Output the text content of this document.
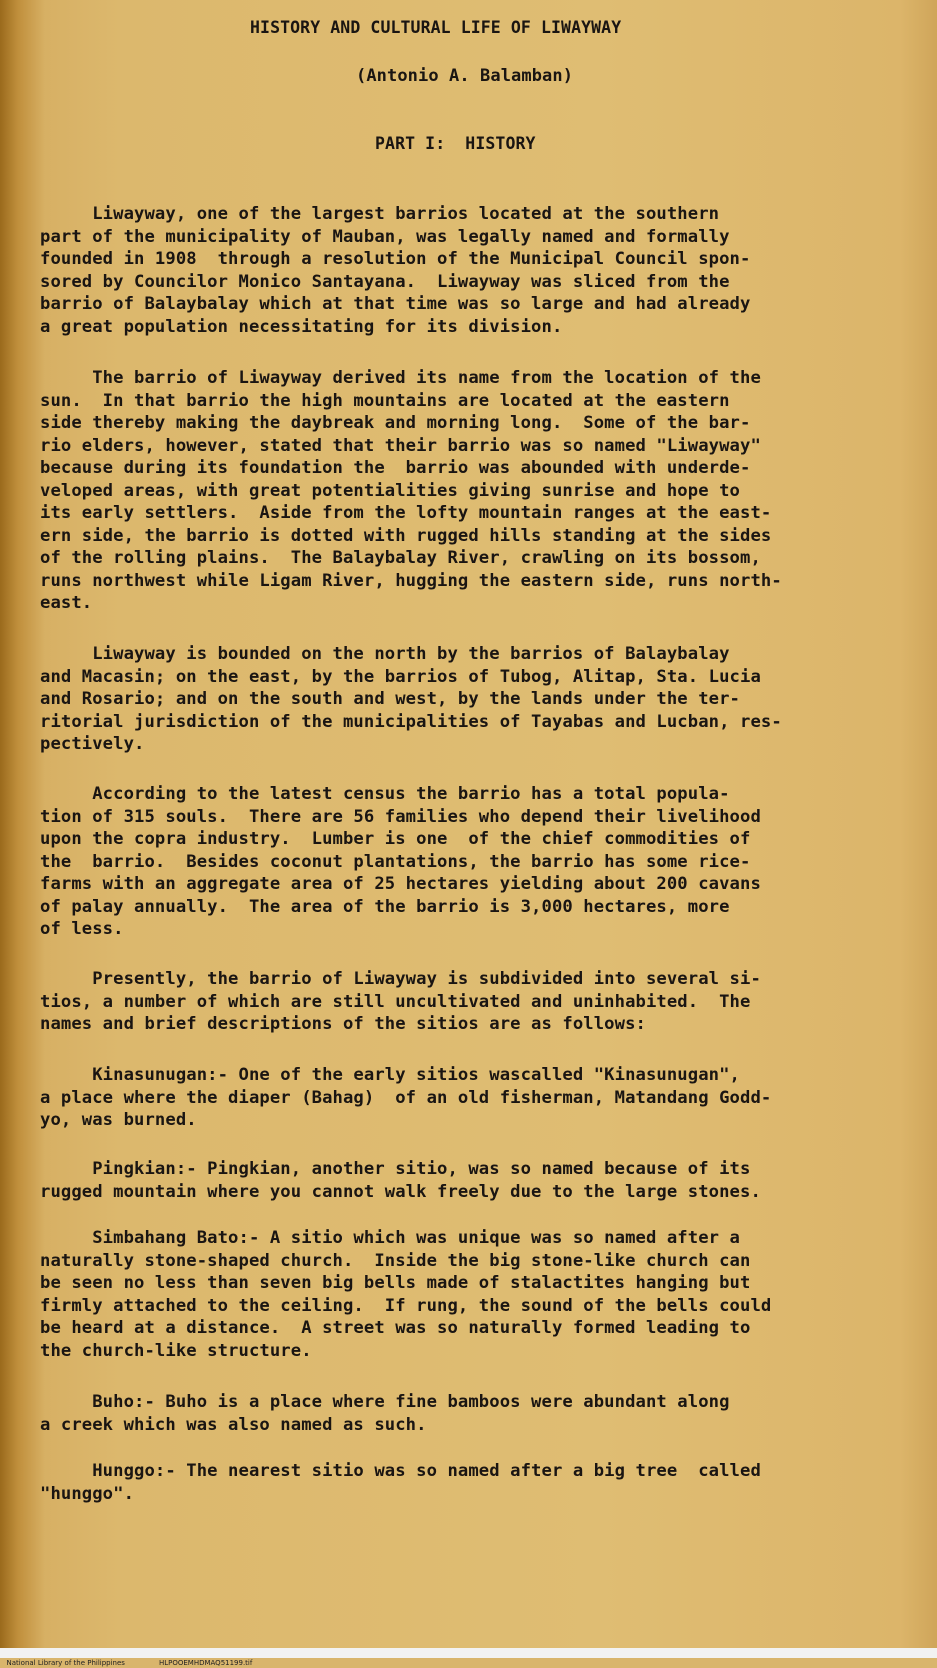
HISTORY AND CULTURAL LIFE OF LIWAYWAY
(Antonio A. Balamban)
PART I:  HISTORY

Liwayway, one of the largest barrios located at the southern
part of the municipality of Mauban, was legally named and formally
founded in 1908  through a resolution of the Municipal Council spon-
sored by Councilor Monico Santayana.  Liwayway was sliced from the
barrio of Balaybalay which at that time was so large and had already
a great population necessitating for its division.

The barrio of Liwayway derived its name from the location of the
sun.  In that barrio the high mountains are located at the eastern
side thereby making the daybreak and morning long.  Some of the bar-
rio elders, however, stated that their barrio was so named "Liwayway"
because during its foundation the  barrio was abounded with underde-
veloped areas, with great potentialities giving sunrise and hope to
its early settlers.  Aside from the lofty mountain ranges at the east-
ern side, the barrio is dotted with rugged hills standing at the sides
of the rolling plains.  The Balaybalay River, crawling on its bossom,
runs northwest while Ligam River, hugging the eastern side, runs north-
east.

Liwayway is bounded on the north by the barrios of Balaybalay
and Macasin; on the east, by the barrios of Tubog, Alitap, Sta. Lucia
and Rosario; and on the south and west, by the lands under the ter-
ritorial jurisdiction of the municipalities of Tayabas and Lucban, res-
pectively.

According to the latest census the barrio has a total popula-
tion of 315 souls.  There are 56 families who depend their livelihood
upon the copra industry.  Lumber is one  of the chief commodities of
the  barrio.  Besides coconut plantations, the barrio has some rice-
farms with an aggregate area of 25 hectares yielding about 200 cavans
of palay annually.  The area of the barrio is 3,000 hectares, more
of less.

Presently, the barrio of Liwayway is subdivided into several si-
tios, a number of which are still uncultivated and uninhabited.  The
names and brief descriptions of the sitios are as follows:

Kinasunugan:- One of the early sitios wascalled "Kinasunugan",
a place where the diaper (Bahag)  of an old fisherman, Matandang Godd-
yo, was burned.

Pingkian:- Pingkian, another sitio, was so named because of its
rugged mountain where you cannot walk freely due to the large stones.

Simbahang Bato:- A sitio which was unique was so named after a
naturally stone-shaped church.  Inside the big stone-like church can
be seen no less than seven big bells made of stalactites hanging but
firmly attached to the ceiling.  If rung, the sound of the bells could
be heard at a distance.  A street was so naturally formed leading to
the church-like structure.

Buho:- Buho is a place where fine bamboos were abundant along
a creek which was also named as such.

Hunggo:- The nearest sitio was so named after a big tree  called
"hunggo".

National Library of the Philippines	HLPOOEMHDMAQ51199.tif
